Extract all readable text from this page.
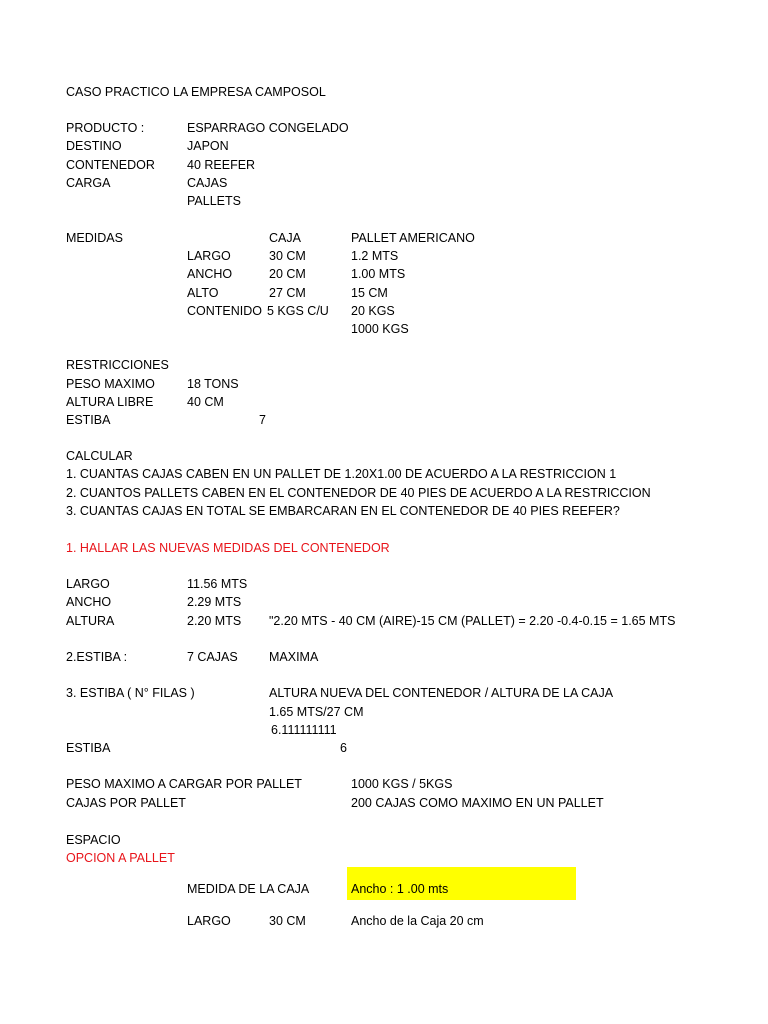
CASO PRACTICO LA EMPRESA CAMPOSOL
PRODUCTO :	ESPARRAGO CONGELADO
DESTINO	JAPON
CONTENEDOR	40 REEFER
CARGA	CAJAS
PALLETS
MEDIDAS	CAJA	PALLET AMERICANO
LARGO	30 CM	1.2 MTS
ANCHO	20 CM	1.00 MTS
ALTO	27 CM	15 CM
CONTENIDO 5 KGS C/U 20 KGS
1000 KGS
RESTRICCIONES
PESO MAXIMO	18 TONS
ALTURA LIBRE	40 CM
ESTIBA	7
CALCULAR
1. CUANTAS CAJAS CABEN EN UN PALLET DE 1.20X1.00 DE ACUERDO A LA RESTRICCION 1
2. CUANTOS PALLETS CABEN EN EL CONTENEDOR DE 40 PIES DE ACUERDO A LA RESTRICCION
3. CUANTAS CAJAS EN TOTAL SE EMBARCARAN EN EL CONTENEDOR DE 40 PIES REEFER?
1. HALLAR LAS NUEVAS MEDIDAS DEL CONTENEDOR
LARGO	11.56 MTS
ANCHO	2.29 MTS
ALTURA	2.20 MTS "2.20 MTS - 40 CM (AIRE)-15 CM (PALLET) = 2.20 -0.4-0.15 = 1.65 MTS
2.ESTIBA :	7 CAJAS	MAXIMA
3. ESTIBA ( N° FILAS )	ALTURA NUEVA DEL CONTENEDOR / ALTURA DE LA CAJA
1.65 MTS/27 CM
6.111111111
ESTIBA	6
PESO MAXIMO A CARGAR POR PALLET	1000 KGS / 5KGS
CAJAS POR PALLET	200 CAJAS COMO MAXIMO EN UN PALLET
ESPACIO
OPCION A PALLET
MEDIDA DE LA CAJA	Ancho : 1 .00 mts
LARGO	30 CM	Ancho de la Caja 20 cm
